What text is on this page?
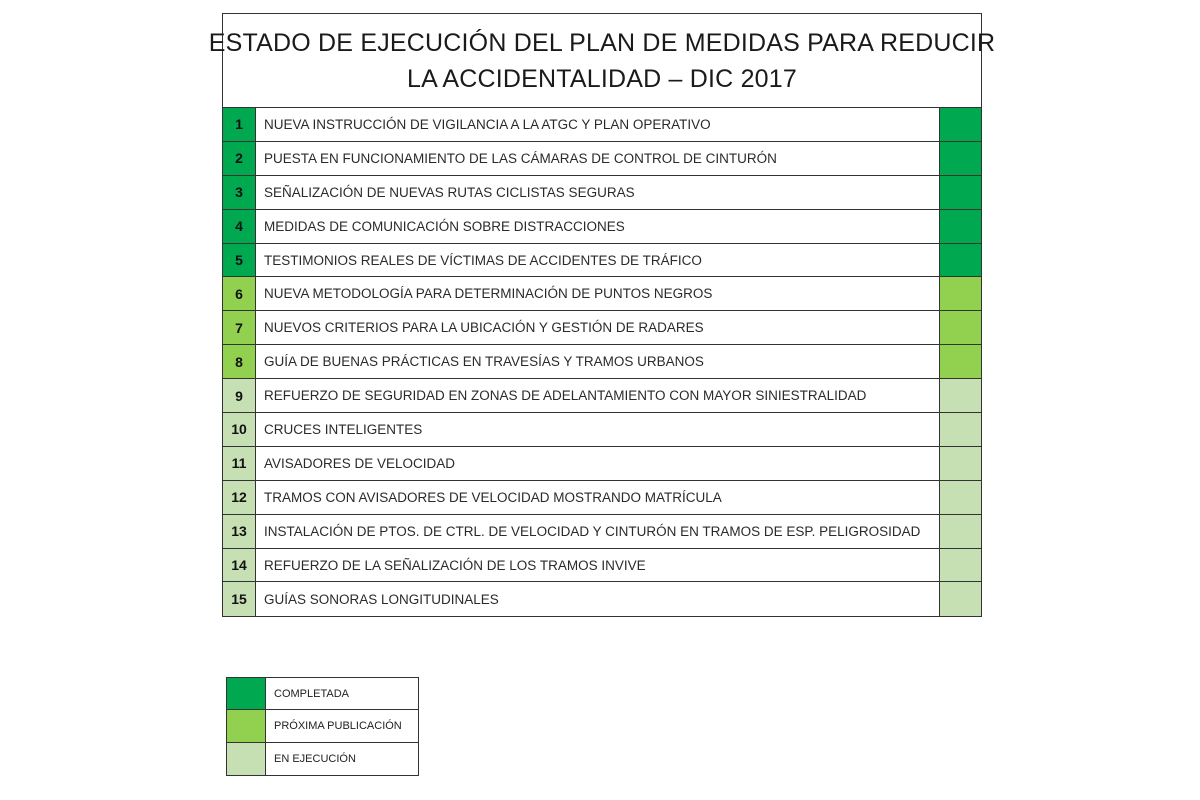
ESTADO DE EJECUCIÓN DEL PLAN DE MEDIDAS PARA REDUCIR
LA ACCIDENTALIDAD – DIC 2017
1	NUEVA INSTRUCCIÓN DE VIGILANCIA A LA ATGC Y PLAN OPERATIVO
2	PUESTA EN FUNCIONAMIENTO DE LAS CÁMARAS DE CONTROL DE CINTURÓN
3	SEÑALIZACIÓN DE NUEVAS RUTAS CICLISTAS SEGURAS
4	MEDIDAS DE COMUNICACIÓN SOBRE DISTRACCIONES
5	TESTIMONIOS REALES DE VÍCTIMAS DE ACCIDENTES DE TRÁFICO
6	NUEVA METODOLOGÍA PARA DETERMINACIÓN DE PUNTOS NEGROS
7	NUEVOS CRITERIOS PARA LA UBICACIÓN Y GESTIÓN DE RADARES
8	GUÍA DE BUENAS PRÁCTICAS EN TRAVESÍAS Y TRAMOS URBANOS
9	REFUERZO DE SEGURIDAD EN ZONAS DE ADELANTAMIENTO CON MAYOR SINIESTRALIDAD
10	CRUCES INTELIGENTES
11	AVISADORES DE VELOCIDAD
12	TRAMOS CON AVISADORES DE VELOCIDAD MOSTRANDO MATRÍCULA
13	INSTALACIÓN DE PTOS. DE CTRL. DE VELOCIDAD Y CINTURÓN EN TRAMOS DE ESP. PELIGROSIDAD
14	REFUERZO DE LA SEÑALIZACIÓN DE LOS TRAMOS INVIVE
15	GUÍAS SONORAS LONGITUDINALES
COMPLETADA
PRÓXIMA PUBLICACIÓN
EN EJECUCIÓN
